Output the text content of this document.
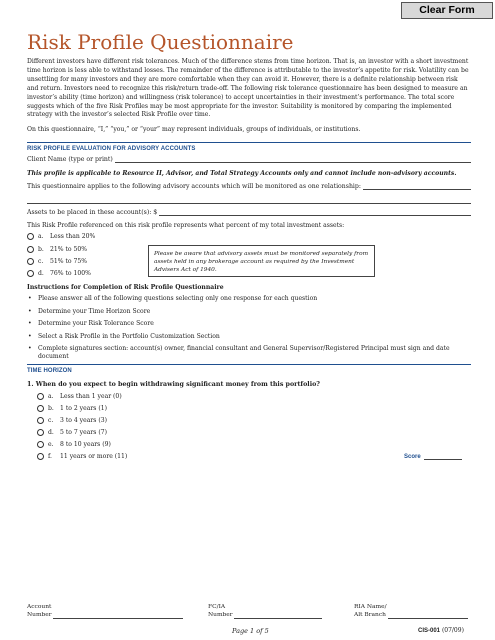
Clear Form
Risk Profile Questionnaire

Different investors have different risk tolerances. Much of the difference stems from time horizon. That is, an investor with a short investment time horizon is less able to withstand losses. The remainder of the difference is attributable to the investor’s appetite for risk. Volatility can be unsettling for many investors and they are more comfortable when they can avoid it. However, there is a definite relationship between risk and return. Investors need to recognize this risk/return trade-off. The following risk tolerance questionnaire has been designed to measure an investor’s ability (time horizon) and willingness (risk tolerance) to accept uncertainties in their investment’s performance. The total score suggests which of the five Risk Profiles may be most appropriate for the investor. Suitability is monitored by comparing the implemented strategy with the investor’s selected Risk Profile over time.

On this questionnaire, “I,” “you,” or “your” may represent individuals, groups of individuals, or institutions.

RISK PROFILE EVALUATION FOR ADVISORY ACCOUNTS
Client Name (type or print)
This profile is applicable to Resource II, Advisor, and Total Strategy Accounts only and cannot include non-advisory accounts.
This questionnaire applies to the following advisory accounts which will be monitored as one relationship:
Assets to be placed in these account(s): $
This Risk Profile referenced on this risk profile represents what percent of my total investment assets:
a.	Less than 20%
b.	21% to 50%
c.	51% to 75%
d.	76% to 100%
Please be aware that advisory assets must be monitored separately from assets held in any brokerage account as required by the Investment Advisers Act of 1940.
Instructions for Completion of Risk Profile Questionnaire
• Please answer all of the following questions selecting only one response for each question
• Determine your Time Horizon Score
• Determine your Risk Tolerance Score
• Select a Risk Profile in the Portfolio Customization Section
• Complete signatures section: account(s) owner, financial consultant and General Supervisor/Registered Principal must sign and date document
TIME HORIZON
1. When do you expect to begin withdrawing significant money from this portfolio?
a.	Less than 1 year (0)
b.	1 to 2 years (1)
c.	3 to 4 years (3)
d.	5 to 7 years (7)
e.	8 to 10 years (9)
f.	11 years or more (11)	Score
Account
Number
FC/IA
Number
RIA Name/
Alt Branch
Page 1 of 5	CIS-001 (07/09)
